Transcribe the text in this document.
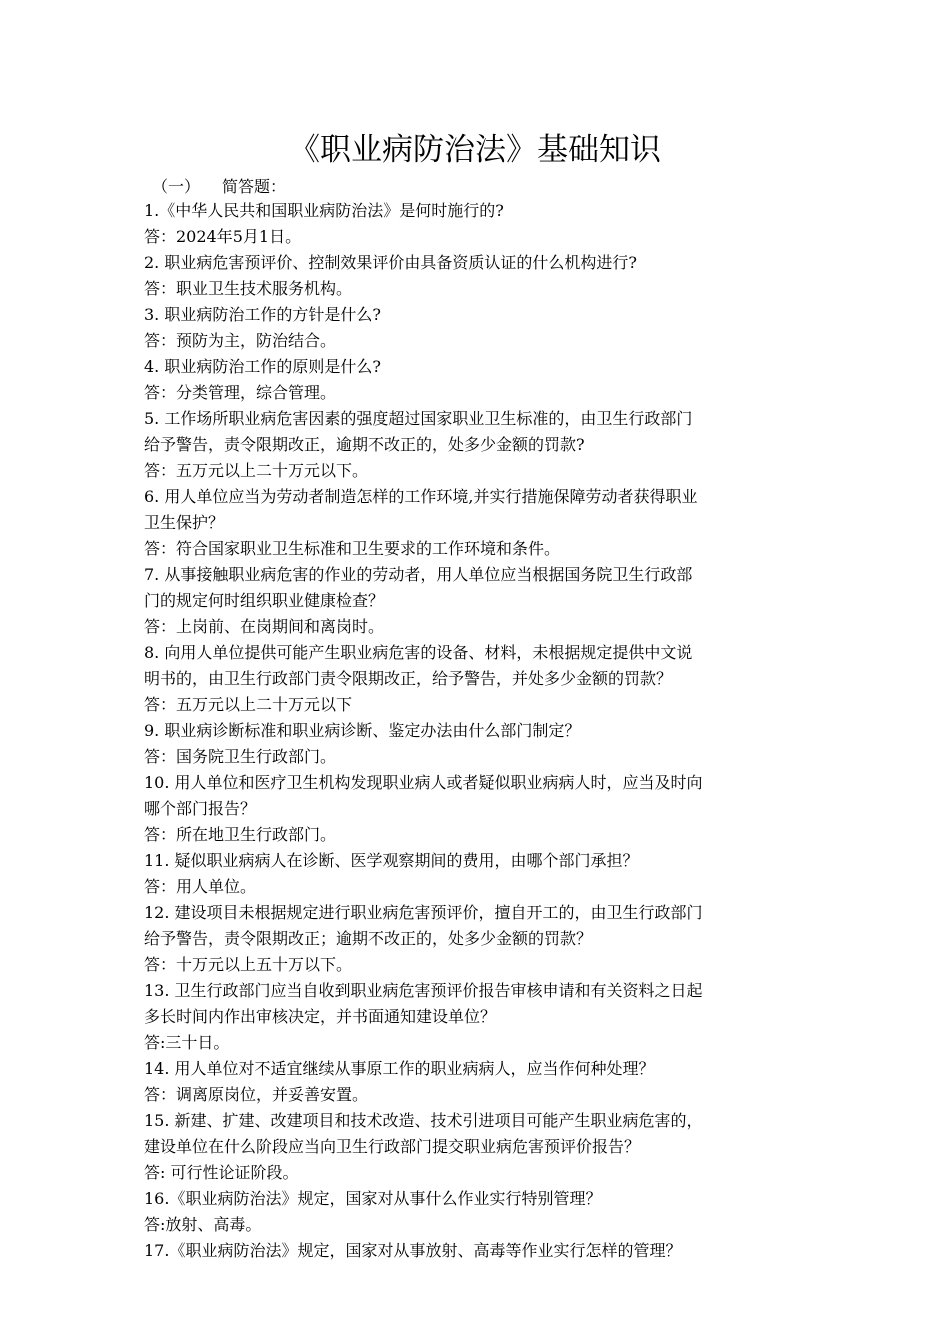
《职业病防治法》基础知识
（一） 简答题：
1.《中华人民共和国职业病防治法》是何时施行的?
答：2024年5月1日。
2. 职业病危害预评价、控制效果评价由具备资质认证的什么机构进行?
答：职业卫生技术服务机构。
3. 职业病防治工作的方针是什么?
答：预防为主，防治结合。
4. 职业病防治工作的原则是什么?
答：分类管理，综合管理。
5. 工作场所职业病危害因素的强度超过国家职业卫生标准的，由卫生行政部门
给予警告，责令限期改正，逾期不改正的，处多少金额的罚款?
答：五万元以上二十万元以下。
6. 用人单位应当为劳动者制造怎样的工作环境,并实行措施保障劳动者获得职业
卫生保护？
答：符合国家职业卫生标准和卫生要求的工作环境和条件。
7. 从事接触职业病危害的作业的劳动者，用人单位应当根据国务院卫生行政部
门的规定何时组织职业健康检查？
答：上岗前、在岗期间和离岗时。
8. 向用人单位提供可能产生职业病危害的设备、材料，未根据规定提供中文说
明书的，由卫生行政部门责令限期改正，给予警告，并处多少金额的罚款？
答：五万元以上二十万元以下
9. 职业病诊断标准和职业病诊断、鉴定办法由什么部门制定？
答：国务院卫生行政部门。
10. 用人单位和医疗卫生机构发现职业病人或者疑似职业病病人时，应当及时向
哪个部门报告？
答：所在地卫生行政部门。
11. 疑似职业病病人在诊断、医学观察期间的费用，由哪个部门承担？
答：用人单位。
12. 建设项目未根据规定进行职业病危害预评价，擅自开工的，由卫生行政部门
给予警告，责令限期改正；逾期不改正的，处多少金额的罚款？
答：十万元以上五十万以下。
13. 卫生行政部门应当自收到职业病危害预评价报告审核申请和有关资料之日起
多长时间内作出审核决定，并书面通知建设单位？
答:三十日。
14. 用人单位对不适宜继续从事原工作的职业病病人，应当作何种处理？
答：调离原岗位，并妥善安置。
15. 新建、扩建、改建项目和技术改造、技术引进项目可能产生职业病危害的，
建设单位在什么阶段应当向卫生行政部门提交职业病危害预评价报告？
答: 可行性论证阶段。
16.《职业病防治法》规定，国家对从事什么作业实行特别管理？
答:放射、高毒。
17.《职业病防治法》规定，国家对从事放射、高毒等作业实行怎样的管理？
